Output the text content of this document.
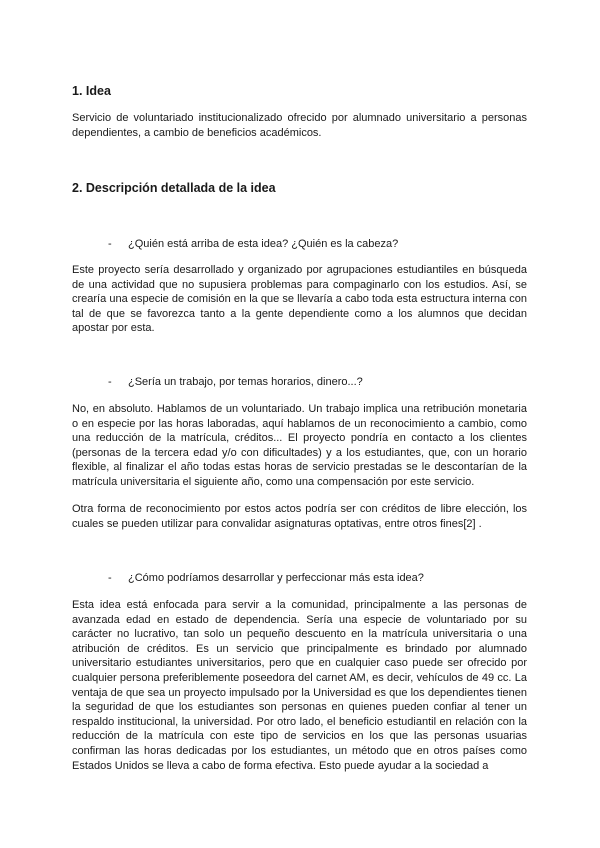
1. Idea

Servicio de voluntariado institucionalizado ofrecido por alumnado universitario a personas dependientes, a cambio de beneficios académicos.

2. Descripción detallada de la idea
- ¿Quién está arriba de esta idea? ¿Quién es la cabeza?

Este proyecto sería desarrollado y organizado por agrupaciones estudiantiles en búsqueda de una actividad que no supusiera problemas para compaginarlo con los estudios. Así, se crearía una especie de comisión en la que se llevaría a cabo toda esta estructura interna con tal de que se favorezca tanto a la gente dependiente como a los alumnos que decidan apostar por esta.

- ¿Sería un trabajo, por temas horarios, dinero...?

No, en absoluto. Hablamos de un voluntariado. Un trabajo implica una retribución monetaria o en especie por las horas laboradas, aquí hablamos de un reconocimiento a cambio, como una reducción de la matrícula, créditos... El proyecto pondría en contacto a los clientes (personas de la tercera edad y/o con dificultades) y a los estudiantes, que, con un horario flexible, al finalizar el año todas estas horas de servicio prestadas se le descontarían de la matrícula universitaria el siguiente año, como una compensación por este servicio.

Otra forma de reconocimiento por estos actos podría ser con créditos de libre elección, los cuales se pueden utilizar para convalidar asignaturas optativas, entre otros fines[2] .

- ¿Cómo podríamos desarrollar y perfeccionar más esta idea?

Esta idea está enfocada para servir a la comunidad, principalmente a las personas de avanzada edad en estado de dependencia. Sería una especie de voluntariado por su carácter no lucrativo, tan solo un pequeño descuento en la matrícula universitaria o una atribución de créditos. Es un servicio que principalmente es brindado por alumnado universitario estudiantes universitarios, pero que en cualquier caso puede ser ofrecido por cualquier persona preferiblemente poseedora del carnet AM, es decir, vehículos de 49 cc. La ventaja de que sea un proyecto impulsado por la Universidad es que los dependientes tienen la seguridad de que los estudiantes son personas en quienes pueden confiar al tener un respaldo institucional, la universidad. Por otro lado, el beneficio estudiantil en relación con la reducción de la matrícula con este tipo de servicios en los que las personas usuarias confirman las horas dedicadas por los estudiantes, un método que en otros países como Estados Unidos se lleva a cabo de forma efectiva. Esto puede ayudar a la sociedad a
